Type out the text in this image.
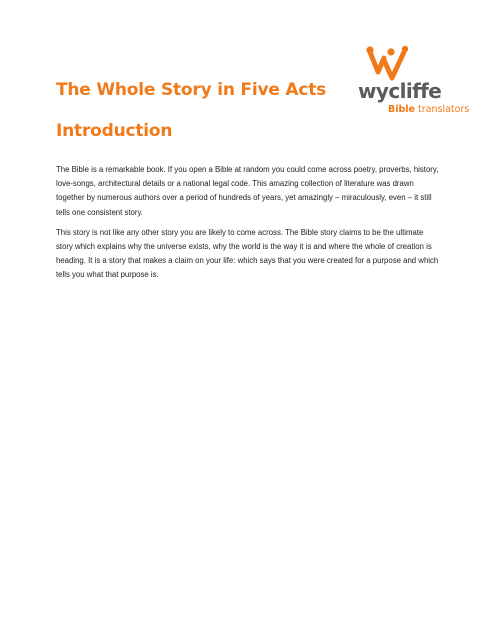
The Whole Story in Five Acts wycliffe
Bible translators
Introduction

The Bible is a remarkable book. If you open a Bible at random you could come across poetry, proverbs, history, love-songs, architectural details or a national legal code. This amazing collection of literature was drawn together by numerous authors over a period of hundreds of years, yet amazingly – miraculously, even – it still tells one consistent story.

This story is not like any other story you are likely to come across. The Bible story claims to be the ultimate story which explains why the universe exists, why the world is the way it is and where the whole of creation is heading. It is a story that makes a claim on your life: which says that you were created for a purpose and which tells you what that purpose is.
